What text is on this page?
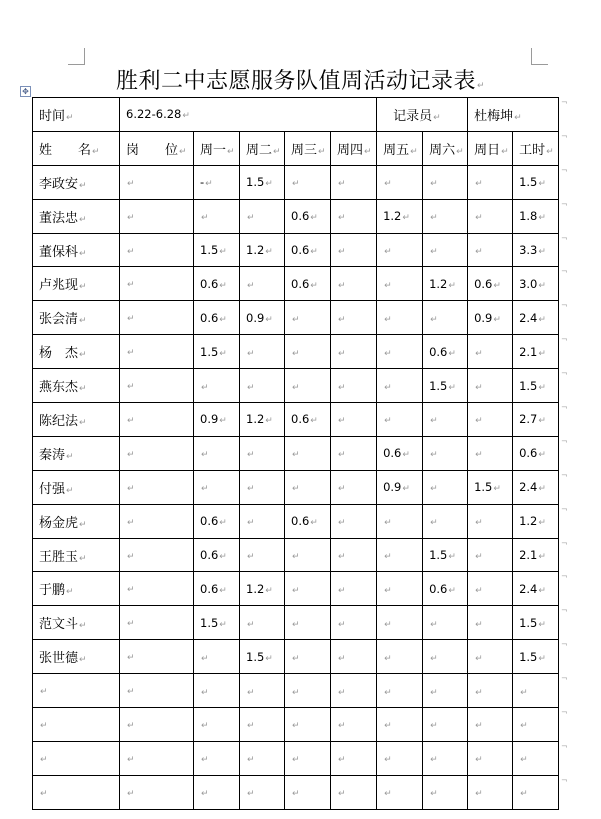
胜利二中志愿服务队值周活动记录表↵
✥
时间↵	6.22-6.28↵					记录员↵		杜梅坤↵	
姓 名↵	岗 位↵	周一↵	周二↵	周三↵	周四↵	周五↵	周六↵	周日↵	工时↵
李政安↵	↵	-↵	1.5↵	↵	↵	↵	↵	↵	1.5↵
董法忠↵	↵	↵	↵	0.6↵	↵	1.2↵	↵	↵	1.8↵
董保科↵	↵	1.5↵	1.2↵	0.6↵	↵	↵	↵	↵	3.3↵
卢兆现↵	↵	0.6↵	↵	0.6↵	↵	↵	1.2↵	0.6↵	3.0↵
张会清↵	↵	0.6↵	0.9↵	↵	↵	↵	↵	0.9↵	2.4↵
杨　杰↵	↵	1.5↵	↵	↵	↵	↵	0.6↵	↵	2.1↵
燕东杰↵	↵	↵	↵	↵	↵	↵	1.5↵	↵	1.5↵
陈纪法↵	↵	0.9↵	1.2↵	0.6↵	↵	↵	↵	↵	2.7↵
秦涛↵	↵	↵	↵	↵	↵	0.6↵	↵	↵	0.6↵
付强↵	↵	↵	↵	↵	↵	0.9↵	↵	1.5↵	2.4↵
杨金虎↵	↵	0.6↵	↵	0.6↵	↵	↵	↵	↵	1.2↵
王胜玉↵	↵	0.6↵	↵	↵	↵	↵	1.5↵	↵	2.1↵
于鹏↵	↵	0.6↵	1.2↵	↵	↵	↵	0.6↵	↵	2.4↵
范文斗↵	↵	1.5↵	↵	↵	↵	↵	↵	↵	1.5↵
张世德↵	↵	↵	1.5↵	↵	↵	↵	↵	↵	1.5↵
↵	↵	↵	↵	↵	↵	↵	↵	↵	↵
↵	↵	↵	↵	↵	↵	↵	↵	↵	↵
↵	↵	↵	↵	↵	↵	↵	↵	↵	↵
↵	↵	↵	↵	↵	↵	↵	↵	↵	↵
¬
¬
¬
¬
¬
¬
¬
¬
¬
¬
¬
¬
¬
¬
¬
¬
¬
¬
¬
¬
¬
